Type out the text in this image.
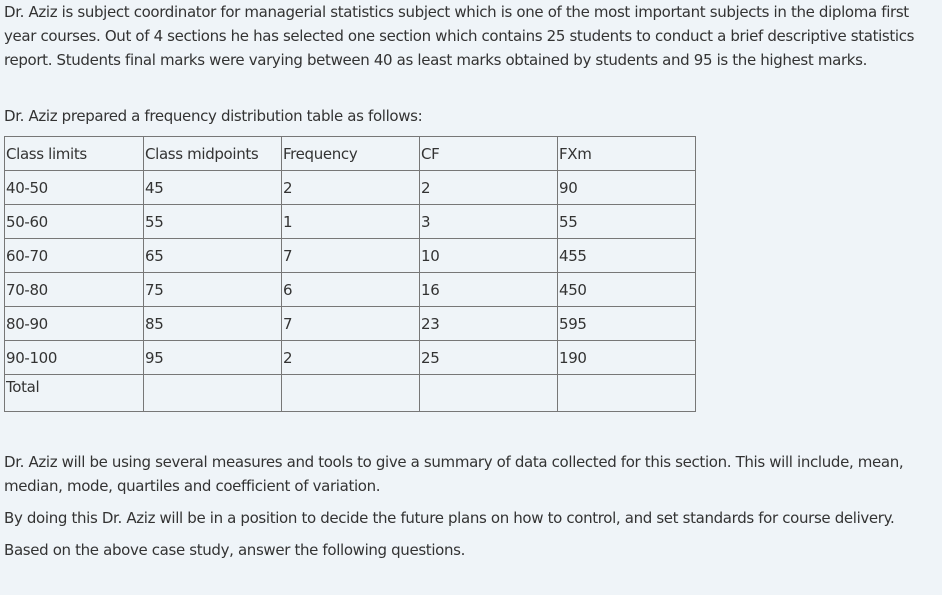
Dr. Aziz is subject coordinator for managerial statistics subject which is one of the most important subjects in the diploma first year courses. Out of 4 sections he has selected one section which contains 25 students to conduct a brief descriptive statistics report. Students final marks were varying between 40 as least marks obtained by students and 95 is the highest marks.

Dr. Aziz prepared a frequency distribution table as follows:

Class limits	Class midpoints	Frequency	CF	FXm
40-50	45	2	2	90
50-60	55	1	3	55
60-70	65	7	10	455
70-80	75	6	16	450
80-90	85	7	23	595
90-100	95	2	25	190
Total				

Dr. Aziz will be using several measures and tools to give a summary of data collected for this section. This will include, mean, median, mode, quartiles and coefficient of variation.

By doing this Dr. Aziz will be in a position to decide the future plans on how to control, and set standards for course delivery.

Based on the above case study, answer the following questions.
